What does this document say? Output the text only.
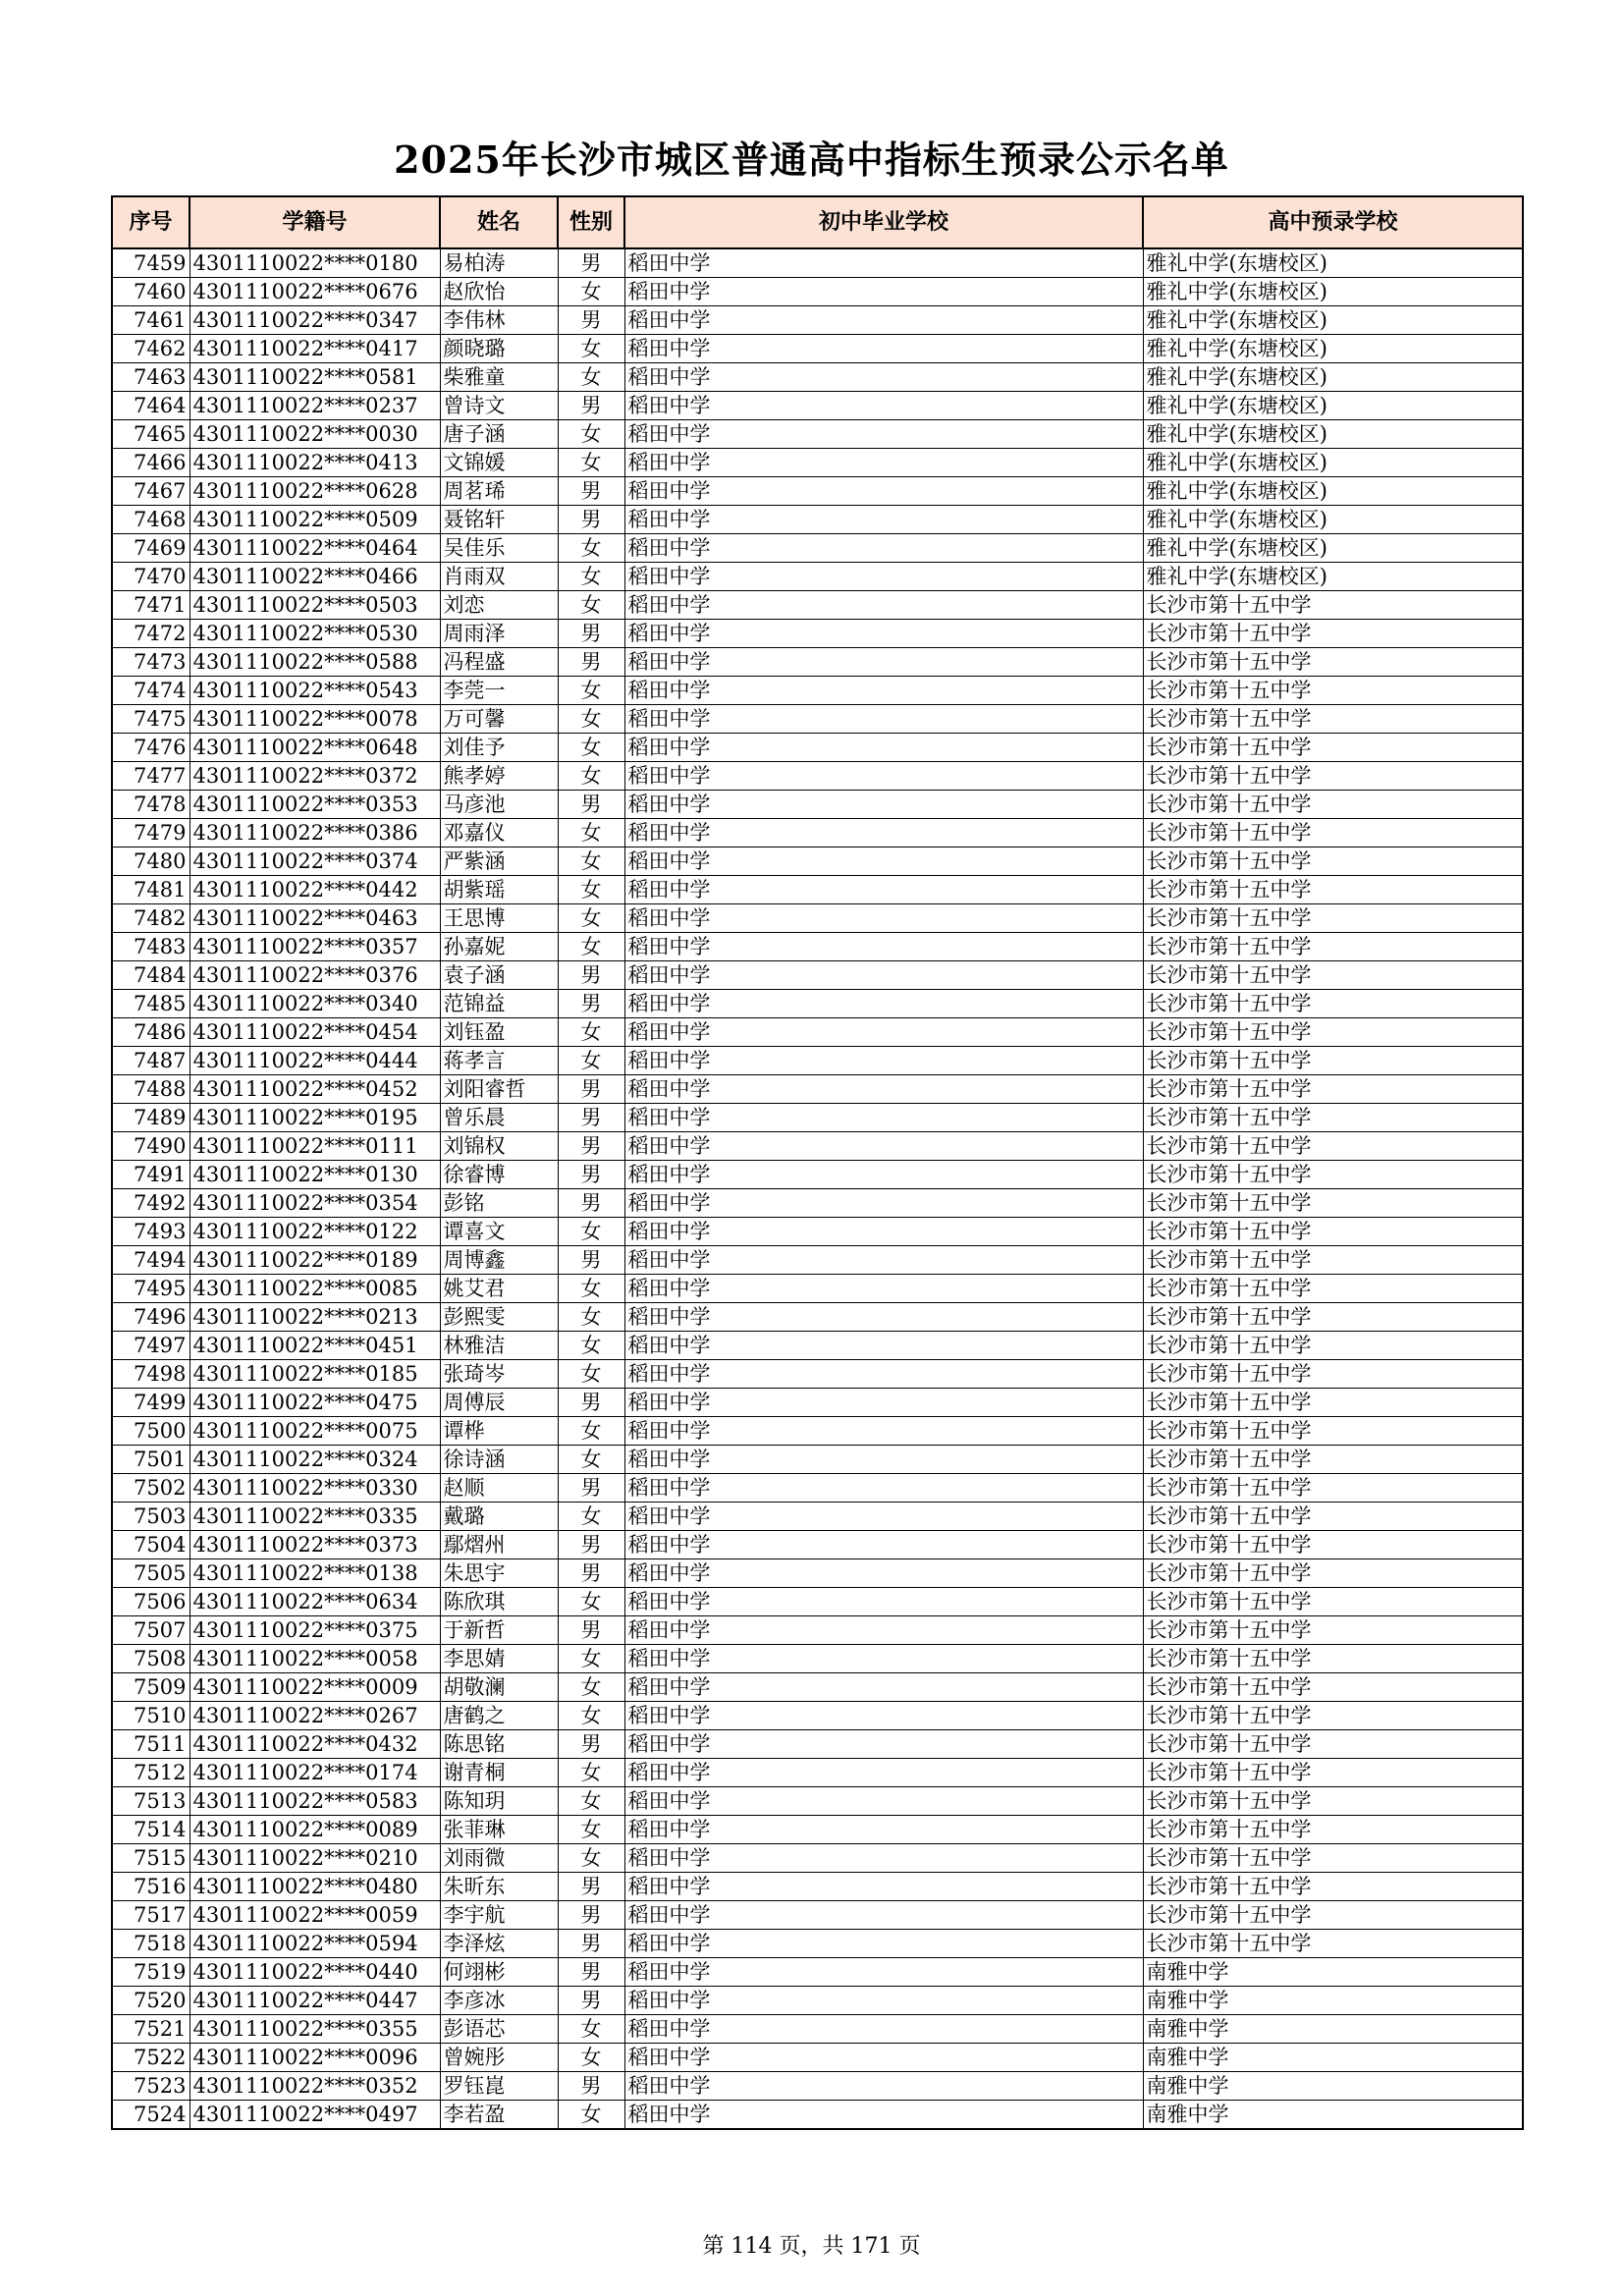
2025年长沙市城区普通高中指标生预录公示名单
序号	学籍号	姓名	性别	初中毕业学校	高中预录学校
7459	4301110022****0180	易柏涛	男	稻田中学	雅礼中学(东塘校区)
7460	4301110022****0676	赵欣怡	女	稻田中学	雅礼中学(东塘校区)
7461	4301110022****0347	李伟林	男	稻田中学	雅礼中学(东塘校区)
7462	4301110022****0417	颜晓璐	女	稻田中学	雅礼中学(东塘校区)
7463	4301110022****0581	柴雅童	女	稻田中学	雅礼中学(东塘校区)
7464	4301110022****0237	曾诗文	男	稻田中学	雅礼中学(东塘校区)
7465	4301110022****0030	唐子涵	女	稻田中学	雅礼中学(东塘校区)
7466	4301110022****0413	文锦媛	女	稻田中学	雅礼中学(东塘校区)
7467	4301110022****0628	周茗琋	男	稻田中学	雅礼中学(东塘校区)
7468	4301110022****0509	聂铭轩	男	稻田中学	雅礼中学(东塘校区)
7469	4301110022****0464	吴佳乐	女	稻田中学	雅礼中学(东塘校区)
7470	4301110022****0466	肖雨双	女	稻田中学	雅礼中学(东塘校区)
7471	4301110022****0503	刘恋	女	稻田中学	长沙市第十五中学
7472	4301110022****0530	周雨泽	男	稻田中学	长沙市第十五中学
7473	4301110022****0588	冯程盛	男	稻田中学	长沙市第十五中学
7474	4301110022****0543	李莞一	女	稻田中学	长沙市第十五中学
7475	4301110022****0078	万可馨	女	稻田中学	长沙市第十五中学
7476	4301110022****0648	刘佳予	女	稻田中学	长沙市第十五中学
7477	4301110022****0372	熊孝婷	女	稻田中学	长沙市第十五中学
7478	4301110022****0353	马彦池	男	稻田中学	长沙市第十五中学
7479	4301110022****0386	邓嘉仪	女	稻田中学	长沙市第十五中学
7480	4301110022****0374	严紫涵	女	稻田中学	长沙市第十五中学
7481	4301110022****0442	胡紫瑶	女	稻田中学	长沙市第十五中学
7482	4301110022****0463	王思博	女	稻田中学	长沙市第十五中学
7483	4301110022****0357	孙嘉妮	女	稻田中学	长沙市第十五中学
7484	4301110022****0376	袁子涵	男	稻田中学	长沙市第十五中学
7485	4301110022****0340	范锦益	男	稻田中学	长沙市第十五中学
7486	4301110022****0454	刘钰盈	女	稻田中学	长沙市第十五中学
7487	4301110022****0444	蒋孝言	女	稻田中学	长沙市第十五中学
7488	4301110022****0452	刘阳睿哲	男	稻田中学	长沙市第十五中学
7489	4301110022****0195	曾乐晨	男	稻田中学	长沙市第十五中学
7490	4301110022****0111	刘锦权	男	稻田中学	长沙市第十五中学
7491	4301110022****0130	徐睿博	男	稻田中学	长沙市第十五中学
7492	4301110022****0354	彭铭	男	稻田中学	长沙市第十五中学
7493	4301110022****0122	谭喜文	女	稻田中学	长沙市第十五中学
7494	4301110022****0189	周博鑫	男	稻田中学	长沙市第十五中学
7495	4301110022****0085	姚艾君	女	稻田中学	长沙市第十五中学
7496	4301110022****0213	彭熙雯	女	稻田中学	长沙市第十五中学
7497	4301110022****0451	林雅洁	女	稻田中学	长沙市第十五中学
7498	4301110022****0185	张琦岑	女	稻田中学	长沙市第十五中学
7499	4301110022****0475	周傅辰	男	稻田中学	长沙市第十五中学
7500	4301110022****0075	谭桦	女	稻田中学	长沙市第十五中学
7501	4301110022****0324	徐诗涵	女	稻田中学	长沙市第十五中学
7502	4301110022****0330	赵顺	男	稻田中学	长沙市第十五中学
7503	4301110022****0335	戴璐	女	稻田中学	长沙市第十五中学
7504	4301110022****0373	鄢熠州	男	稻田中学	长沙市第十五中学
7505	4301110022****0138	朱思宇	男	稻田中学	长沙市第十五中学
7506	4301110022****0634	陈欣琪	女	稻田中学	长沙市第十五中学
7507	4301110022****0375	于新哲	男	稻田中学	长沙市第十五中学
7508	4301110022****0058	李思婧	女	稻田中学	长沙市第十五中学
7509	4301110022****0009	胡敬澜	女	稻田中学	长沙市第十五中学
7510	4301110022****0267	唐鹤之	女	稻田中学	长沙市第十五中学
7511	4301110022****0432	陈思铭	男	稻田中学	长沙市第十五中学
7512	4301110022****0174	谢青桐	女	稻田中学	长沙市第十五中学
7513	4301110022****0583	陈知玥	女	稻田中学	长沙市第十五中学
7514	4301110022****0089	张菲琳	女	稻田中学	长沙市第十五中学
7515	4301110022****0210	刘雨微	女	稻田中学	长沙市第十五中学
7516	4301110022****0480	朱昕东	男	稻田中学	长沙市第十五中学
7517	4301110022****0059	李宇航	男	稻田中学	长沙市第十五中学
7518	4301110022****0594	李泽炫	男	稻田中学	长沙市第十五中学
7519	4301110022****0440	何翊彬	男	稻田中学	南雅中学
7520	4301110022****0447	李彦冰	男	稻田中学	南雅中学
7521	4301110022****0355	彭语芯	女	稻田中学	南雅中学
7522	4301110022****0096	曾婉彤	女	稻田中学	南雅中学
7523	4301110022****0352	罗钰崑	男	稻田中学	南雅中学
7524	4301110022****0497	李若盈	女	稻田中学	南雅中学
第 114 页，共 171 页
